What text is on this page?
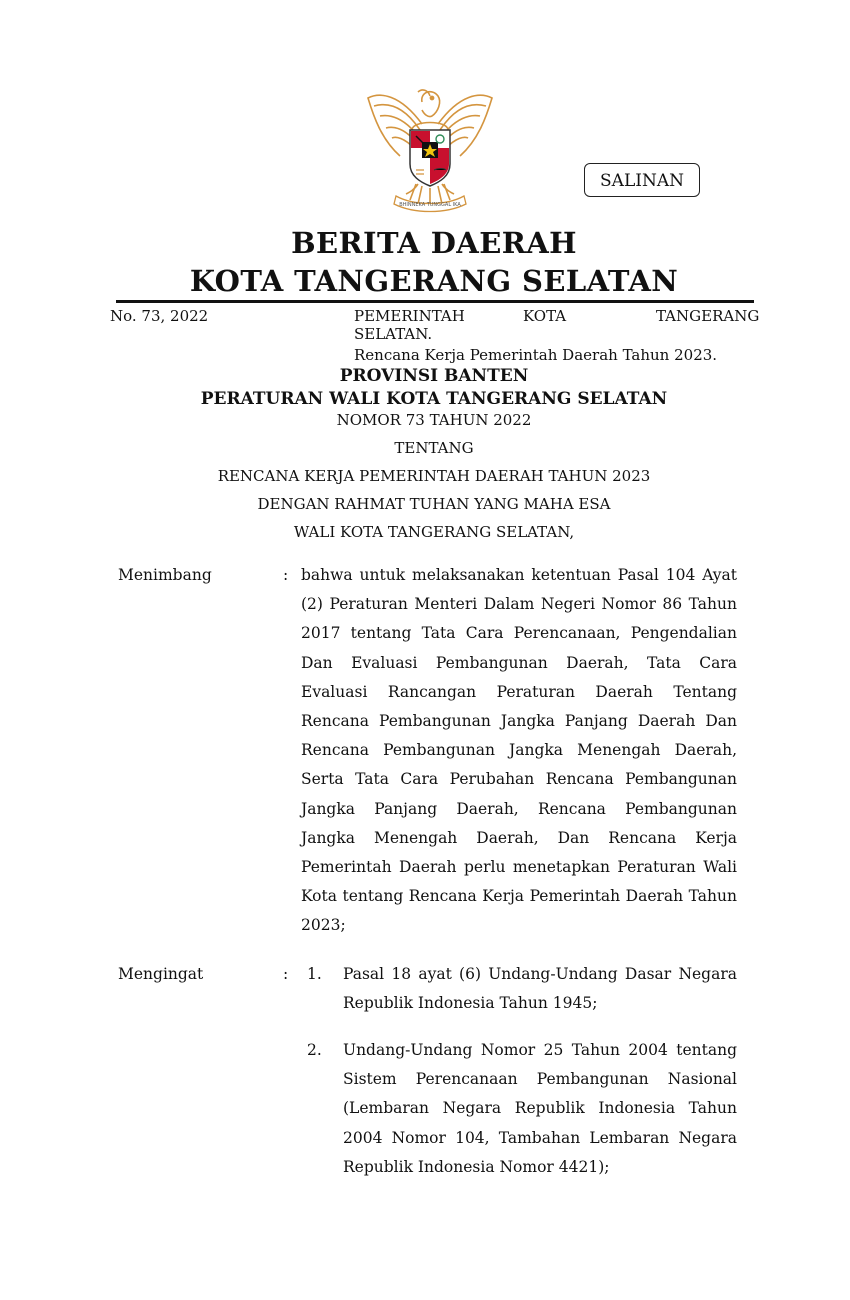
BHINNEKA TUNGGAL IKA
SALINAN
BERITA DAERAH
KOTA TANGERANG SELATAN
No. 73, 2022	PEMERINTAH	KOTA	TANGERANG
SELATAN.
Rencana Kerja Pemerintah Daerah Tahun 2023.
PROVINSI BANTEN
PERATURAN WALI KOTA TANGERANG SELATAN
NOMOR 73 TAHUN 2022
TENTANG
RENCANA KERJA PEMERINTAH DAERAH TAHUN 2023
DENGAN RAHMAT TUHAN YANG MAHA ESA
WALI KOTA TANGERANG SELATAN,
Menimbang	: bahwa untuk melaksanakan ketentuan Pasal 104 Ayat (2) Peraturan Menteri Dalam Negeri Nomor 86 Tahun 2017 tentang Tata Cara Perencanaan, Pengendalian Dan Evaluasi Pembangunan Daerah, Tata Cara Evaluasi Rancangan Peraturan Daerah Tentang Rencana Pembangunan Jangka Panjang Daerah Dan Rencana Pembangunan Jangka Menengah Daerah, Serta Tata Cara Perubahan Rencana Pembangunan Jangka Panjang Daerah, Rencana Pembangunan Jangka Menengah Daerah, Dan Rencana Kerja Pemerintah Daerah perlu menetapkan Peraturan Wali Kota tentang Rencana Kerja Pemerintah Daerah Tahun 2023;
Mengingat	: 1. Pasal 18 ayat (6) Undang-Undang Dasar Negara Republik Indonesia Tahun 1945;
2. Undang-Undang Nomor 25 Tahun 2004 tentang Sistem Perencanaan Pembangunan Nasional (Lembaran Negara Republik Indonesia Tahun 2004 Nomor 104, Tambahan Lembaran Negara Republik Indonesia Nomor 4421);
